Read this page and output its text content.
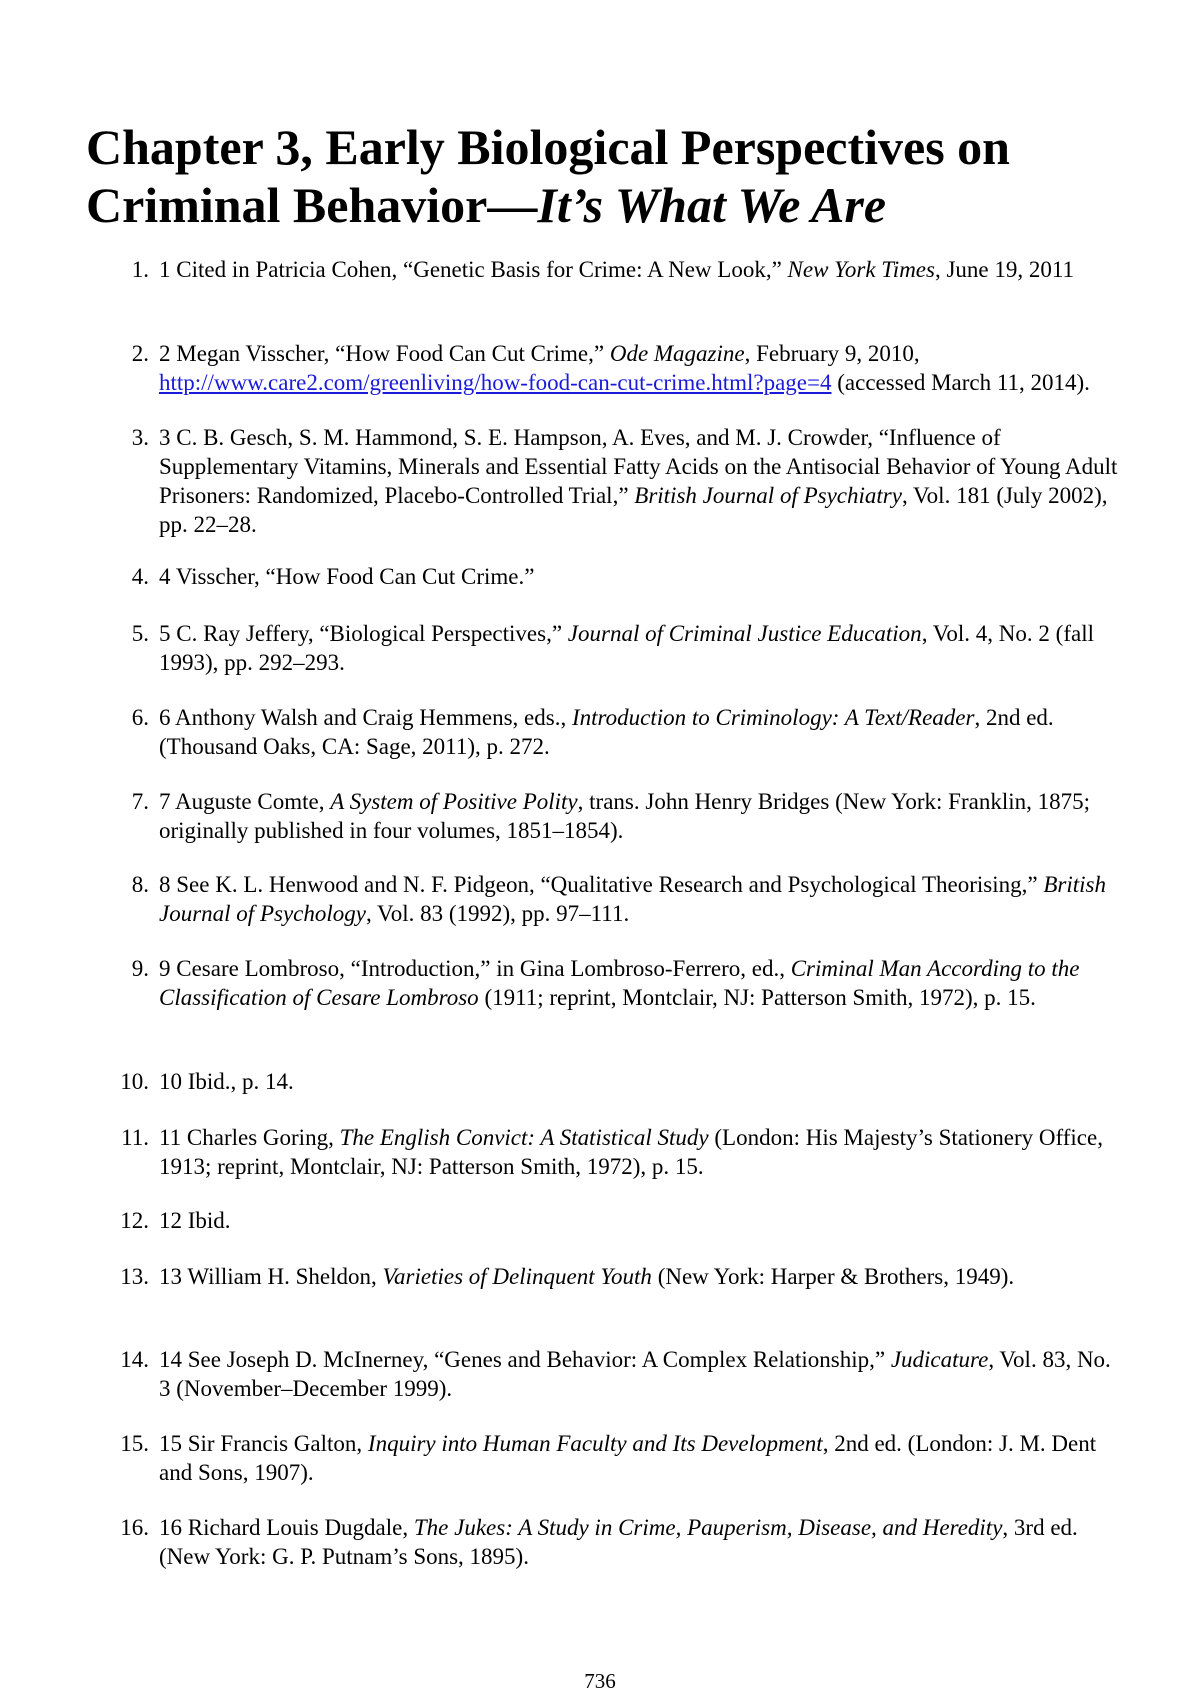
Chapter 3, Early Biological Perspectives on Criminal Behavior—It’s What We Are
1. 1 Cited in Patricia Cohen, “Genetic Basis for Crime: A New Look,” New York Times, June 19, 2011
2. 2 Megan Visscher, “How Food Can Cut Crime,” Ode Magazine, February 9, 2010, http://www.care2.com/greenliving/how-food-can-cut-crime.html?page=4 (accessed March 11, 2014).
3. 3 C. B. Gesch, S. M. Hammond, S. E. Hampson, A. Eves, and M. J. Crowder, “Influence of Supplementary Vitamins, Minerals and Essential Fatty Acids on the Antisocial Behavior of Young Adult Prisoners: Randomized, Placebo-Controlled Trial,” British Journal of Psychiatry, Vol. 181 (July 2002), pp. 22–28.
4. 4 Visscher, “How Food Can Cut Crime.”
5. 5 C. Ray Jeffery, “Biological Perspectives,” Journal of Criminal Justice Education, Vol. 4, No. 2 (fall 1993), pp. 292–293.
6. 6 Anthony Walsh and Craig Hemmens, eds., Introduction to Criminology: A Text/Reader, 2nd ed. (Thousand Oaks, CA: Sage, 2011), p. 272.
7. 7 Auguste Comte, A System of Positive Polity, trans. John Henry Bridges (New York: Franklin, 1875; originally published in four volumes, 1851–1854).
8. 8 See K. L. Henwood and N. F. Pidgeon, “Qualitative Research and Psychological Theorising,” British Journal of Psychology, Vol. 83 (1992), pp. 97–111.
9. 9 Cesare Lombroso, “Introduction,” in Gina Lombroso-Ferrero, ed., Criminal Man According to the Classification of Cesare Lombroso (1911; reprint, Montclair, NJ: Patterson Smith, 1972), p. 15.
10. 10 Ibid., p. 14.
11. 11 Charles Goring, The English Convict: A Statistical Study (London: His Majesty’s Stationery Office, 1913; reprint, Montclair, NJ: Patterson Smith, 1972), p. 15.
12. 12 Ibid.
13. 13 William H. Sheldon, Varieties of Delinquent Youth (New York: Harper & Brothers, 1949).
14. 14 See Joseph D. McInerney, “Genes and Behavior: A Complex Relationship,” Judicature, Vol. 83, No. 3 (November–December 1999).
15. 15 Sir Francis Galton, Inquiry into Human Faculty and Its Development, 2nd ed. (London: J. M. Dent and Sons, 1907).
16. 16 Richard Louis Dugdale, The Jukes: A Study in Crime, Pauperism, Disease, and Heredity, 3rd ed. (New York: G. P. Putnam’s Sons, 1895).
736
